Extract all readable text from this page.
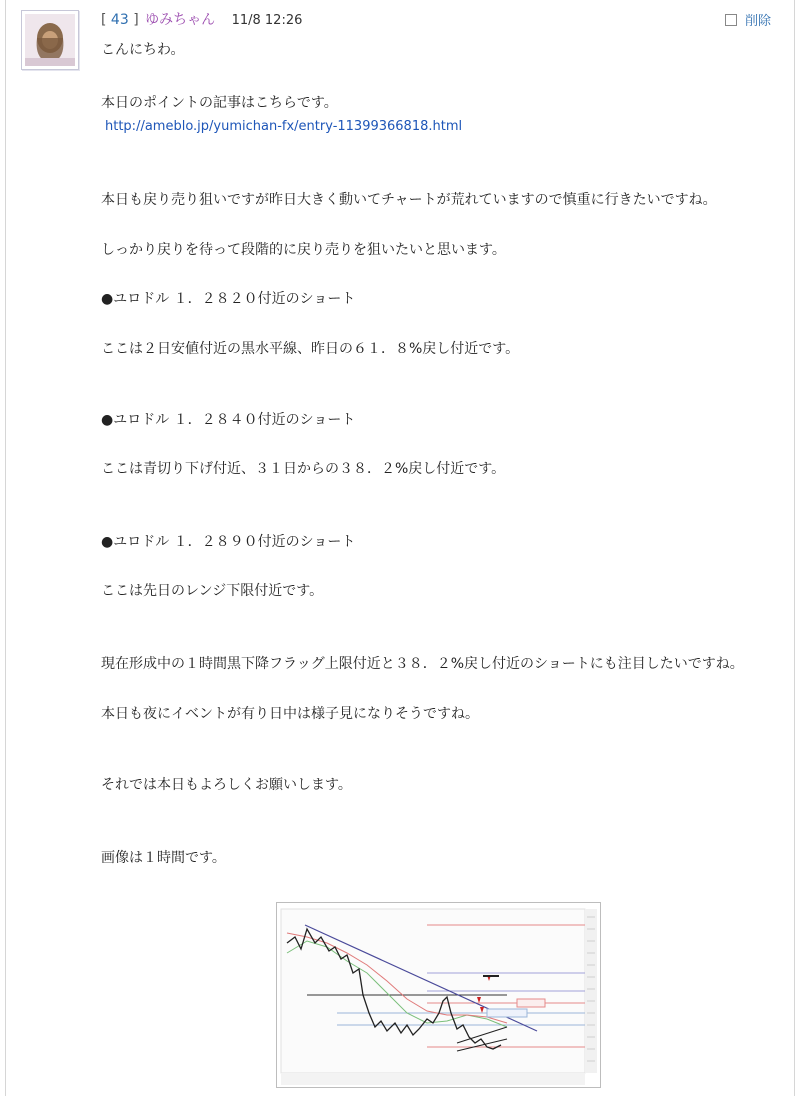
[ 43 ] ゆみちゃん 11/8 12:26	削除
こんにちわ。
本日のポイントの記事はこちらです。
http://ameblo.jp/yumichan-fx/entry-11399366818.html
本日も戻り売り狙いですが昨日大きく動いてチャートが荒れていますので慎重に行きたいですね。
しっかり戻りを待って段階的に戻り売りを狙いたいと思います。
●ユロドル １．２８２０付近のショート
ここは２日安値付近の黒水平線、昨日の６１．８%戻し付近です。
●ユロドル １．２８４０付近のショート
ここは青切り下げ付近、３１日からの３８．２%戻し付近です。
●ユロドル １．２８９０付近のショート
ここは先日のレンジ下限付近です。
現在形成中の１時間黒下降フラッグ上限付近と３８．２%戻し付近のショートにも注目したいですね。
本日も夜にイベントが有り日中は様子見になりそうですね。
それでは本日もよろしくお願いします。
画像は１時間です。
